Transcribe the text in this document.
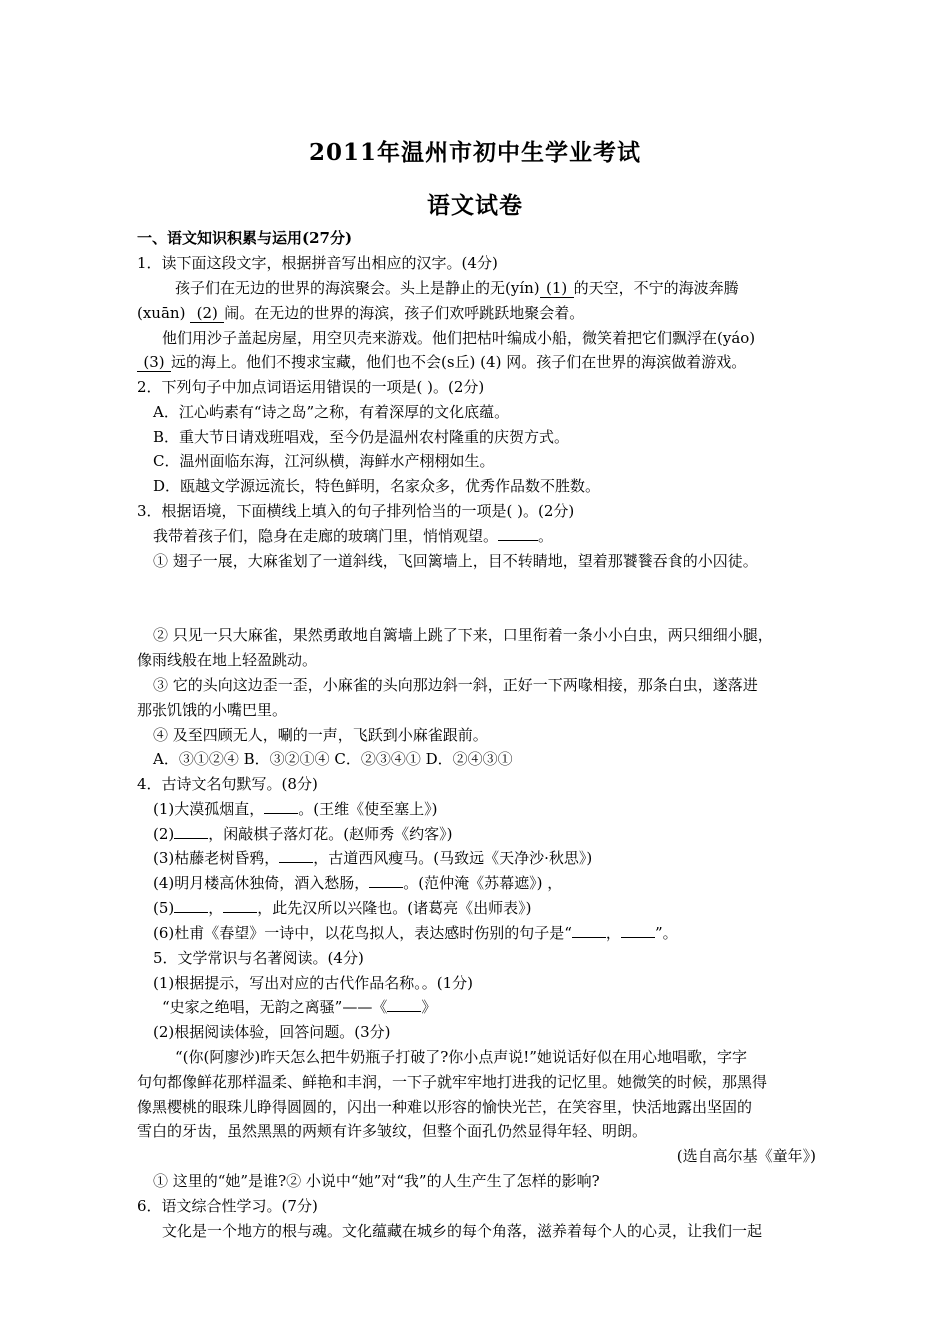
2011年温州市初中生学业考试
语文试卷
一、语文知识积累与运用(27分)
1．读下面这段文字，根据拼音写出相应的汉字。(4分)
孩子们在无边的世界的海滨聚会。头上是静止的无(yín) (1) 的天空，不宁的海波奔腾
(xuān) (2) 闹。在无边的世界的海滨，孩子们欢呼跳跃地聚会着。
他们用沙子盖起房屋，用空贝壳来游戏。他们把枯叶编成小船，微笑着把它们飘浮在(yáo)
(3) 远的海上。他们不搜求宝藏，他们也不会(s丘) (4) 网。孩子们在世界的海滨做着游戏。
2．下列句子中加点词语运用错误的一项是( )。(2分)
A．江心屿素有“诗之岛”之称，有着深厚的文化底蕴。
B．重大节日请戏班唱戏，至今仍是温州农村隆重的庆贺方式。
C．温州面临东海，江河纵横，海鲜水产栩栩如生。
D．瓯越文学源远流长，特色鲜明，名家众多，优秀作品数不胜数。
3．根据语境，下面横线上填入的句子排列恰当的一项是( )。(2分)
我带着孩子们，隐身在走廊的玻璃门里，悄悄观望。	。
① 翅子一展，大麻雀划了一道斜线，飞回篱墙上，目不转睛地，望着那饕餮吞食的小囚徒。
② 只见一只大麻雀，果然勇敢地自篱墙上跳了下来，口里衔着一条小小白虫，两只细细小腿，
像雨线般在地上轻盈跳动。
③ 它的头向这边歪一歪，小麻雀的头向那边斜一斜，正好一下两喙相接，那条白虫，遂落进
那张饥饿的小嘴巴里。
④ 及至四顾无人，唰的一声，飞跃到小麻雀跟前。
A．③①②④ B．③②①④ C．②③④① D．②④③①
4．古诗文名句默写。(8分)
(1)大漠孤烟直， 。(王维《使至塞上》)
(2) ，闲敲棋子落灯花。(赵师秀《约客》)
(3)枯藤老树昏鸦， ，古道西风瘦马。(马致远《天净沙·秋思》)
(4)明月楼高休独倚，酒入愁肠， 。(范仲淹《苏幕遮》) ，
(5) ， ，此先汉所以兴隆也。(诸葛亮《出师表》)
(6)杜甫《春望》一诗中，以花鸟拟人，表达感时伤别的句子是“ ， ”。
5．文学常识与名著阅读。(4分)
(1)根据提示，写出对应的古代作品名称。。(1分)
“史家之绝唱，无韵之离骚”——《 》
(2)根据阅读体验，回答问题。(3分)
“(你(阿廖沙)昨天怎么把牛奶瓶子打破了?你小点声说!”她说话好似在用心地唱歌，字字
句句都像鲜花那样温柔、鲜艳和丰润，一下子就牢牢地打进我的记忆里。她微笑的时候，那黑得
像黑樱桃的眼珠儿睁得圆圆的，闪出一种难以形容的愉快光芒，在笑容里，快活地露出坚固的
雪白的牙齿，虽然黑黑的两颊有许多皱纹，但整个面孔仍然显得年轻、明朗。
(选自高尔基《童年》)
① 这里的“她”是谁?② 小说中“她”对“我”的人生产生了怎样的影响?
6．语文综合性学习。(7分)
文化是一个地方的根与魂。文化蕴藏在城乡的每个角落，滋养着每个人的心灵，让我们一起
